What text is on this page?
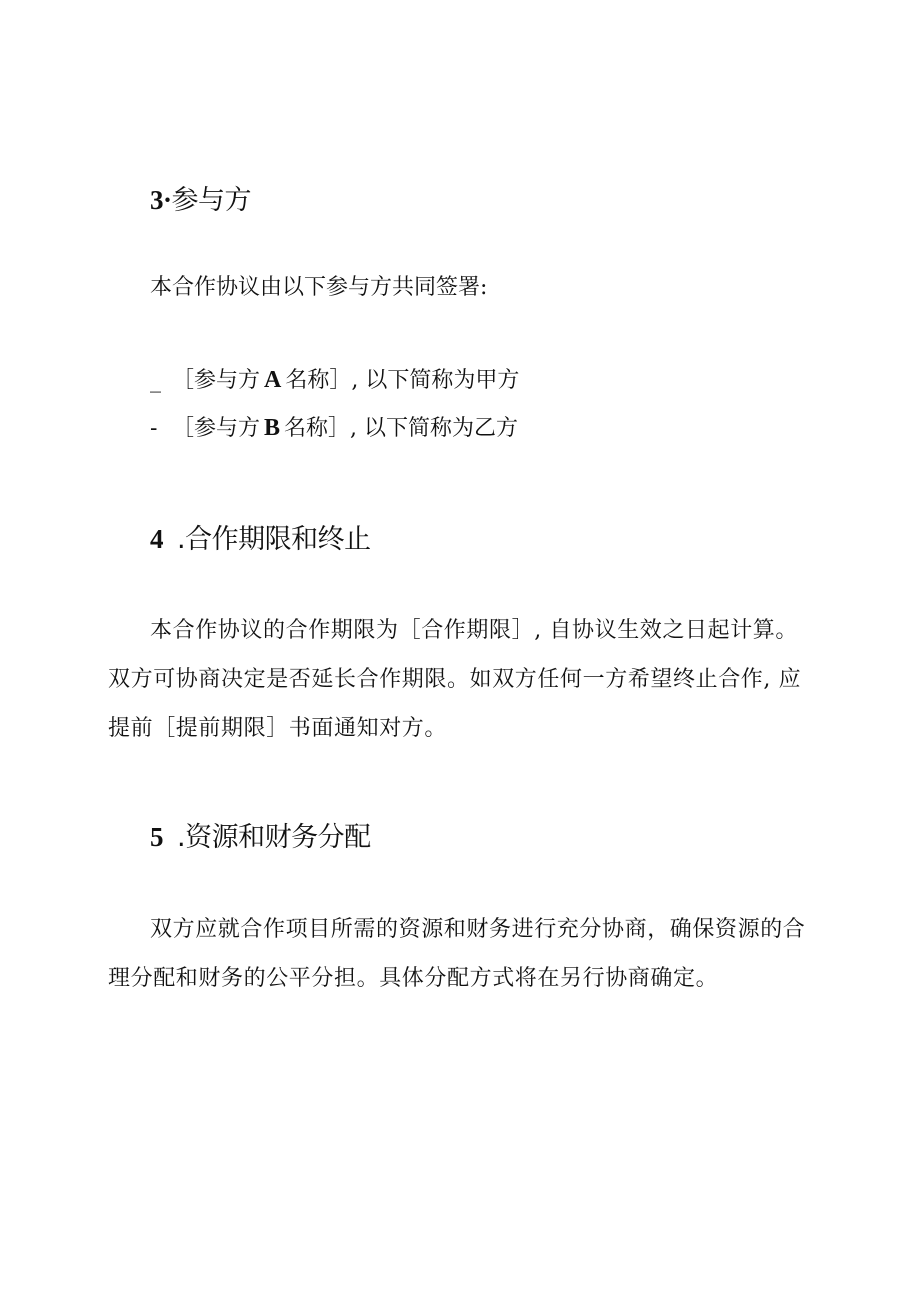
3·参与方

本合作协议由以下参与方共同签署:

_ ［参与方 A 名称］, 以下简称为甲方

- ［参与方 B 名称］, 以下简称为乙方

4 .合作期限和终止

本合作协议的合作期限为［合作期限］, 自协议生效之日起计算。

双方可协商决定是否延长合作期限。如双方任何一方希望终止合作, 应

提前［提前期限］书面通知对方。

5 .资源和财务分配

双方应就合作项目所需的资源和财务进行充分协商，确保资源的合

理分配和财务的公平分担。具体分配方式将在另行协商确定。
